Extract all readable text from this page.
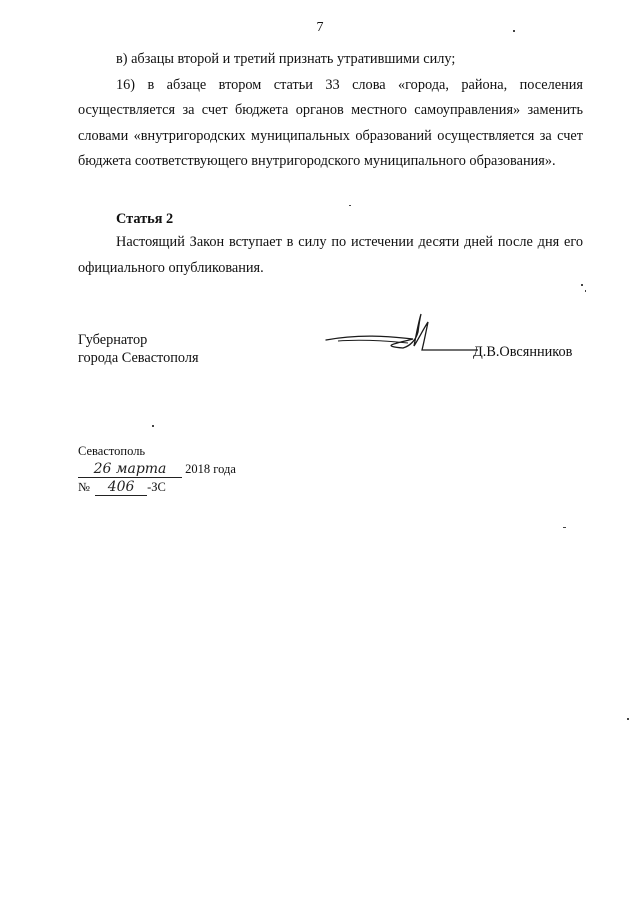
7

в) абзацы второй и третий признать утратившими силу;

16) в абзаце втором статьи 33 слова «города, района, поселения осуществляется за счет бюджета органов местного самоуправления» заменить словами «внутригородских муниципальных образований осуществляется за счет бюджета соответствующего внутригородского муниципального образования».

Статья 2

Настоящий Закон вступает в силу по истечении десяти дней после дня его официального опубликования.

Губернатор
города Севастополя	Д.В.Овсянников
Севастополь
26 марта 2018 года
№ 406 -ЗС
